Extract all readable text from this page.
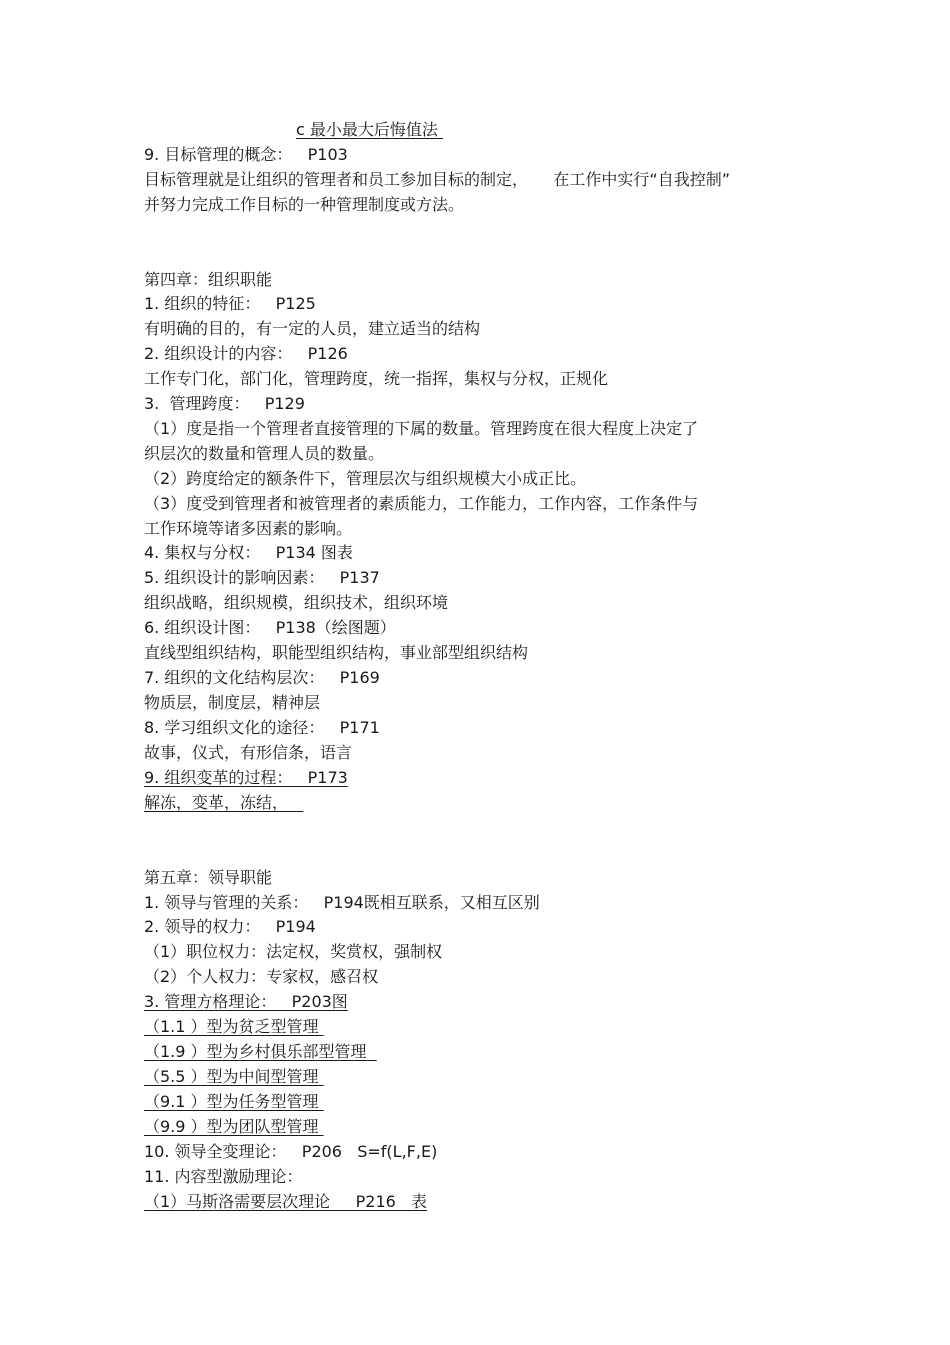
c 最小最大后悔值法
9. 目标管理的概念：   P103
目标管理就是让组织的管理者和员工参加目标的制定，     在工作中实行“自我控制”
并努力完成工作目标的一种管理制度或方法。
第四章：组织职能
1. 组织的特征：   P125
有明确的目的，有一定的人员，建立适当的结构
2. 组织设计的内容：   P126
工作专门化，部门化，管理跨度，统一指挥，集权与分权，正规化
3.  管理跨度：   P129
（1）度是指一个管理者直接管理的下属的数量。管理跨度在很大程度上决定了
织层次的数量和管理人员的数量。
（2）跨度给定的额条件下，管理层次与组织规模大小成正比。
（3）度受到管理者和被管理者的素质能力，工作能力，工作内容，工作条件与
工作环境等诸多因素的影响。
4. 集权与分权：   P134 图表
5. 组织设计的影响因素：   P137
组织战略，组织规模，组织技术，组织环境
6. 组织设计图：   P138（绘图题）
直线型组织结构，职能型组织结构，事业部型组织结构
7. 组织的文化结构层次：   P169
物质层，制度层，精神层
8. 学习组织文化的途径：   P171
故事，仪式，有形信条，语言
9. 组织变革的过程：   P173
解冻，变革，冻结，
第五章：领导职能
1. 领导与管理的关系：   P194既相互联系，又相互区别
2. 领导的权力：   P194
（1）职位权力：法定权，奖赏权，强制权
（2）个人权力：专家权，感召权
3. 管理方格理论：   P203图
（1.1 ）型为贫乏型管理
（1.9 ）型为乡村俱乐部型管理
（5.5 ）型为中间型管理
（9.1 ）型为任务型管理
（9.9 ）型为团队型管理
10. 领导全变理论：   P206   S=f(L,F,E)
11. 内容型激励理论：
（1）马斯洛需要层次理论     P216   表
